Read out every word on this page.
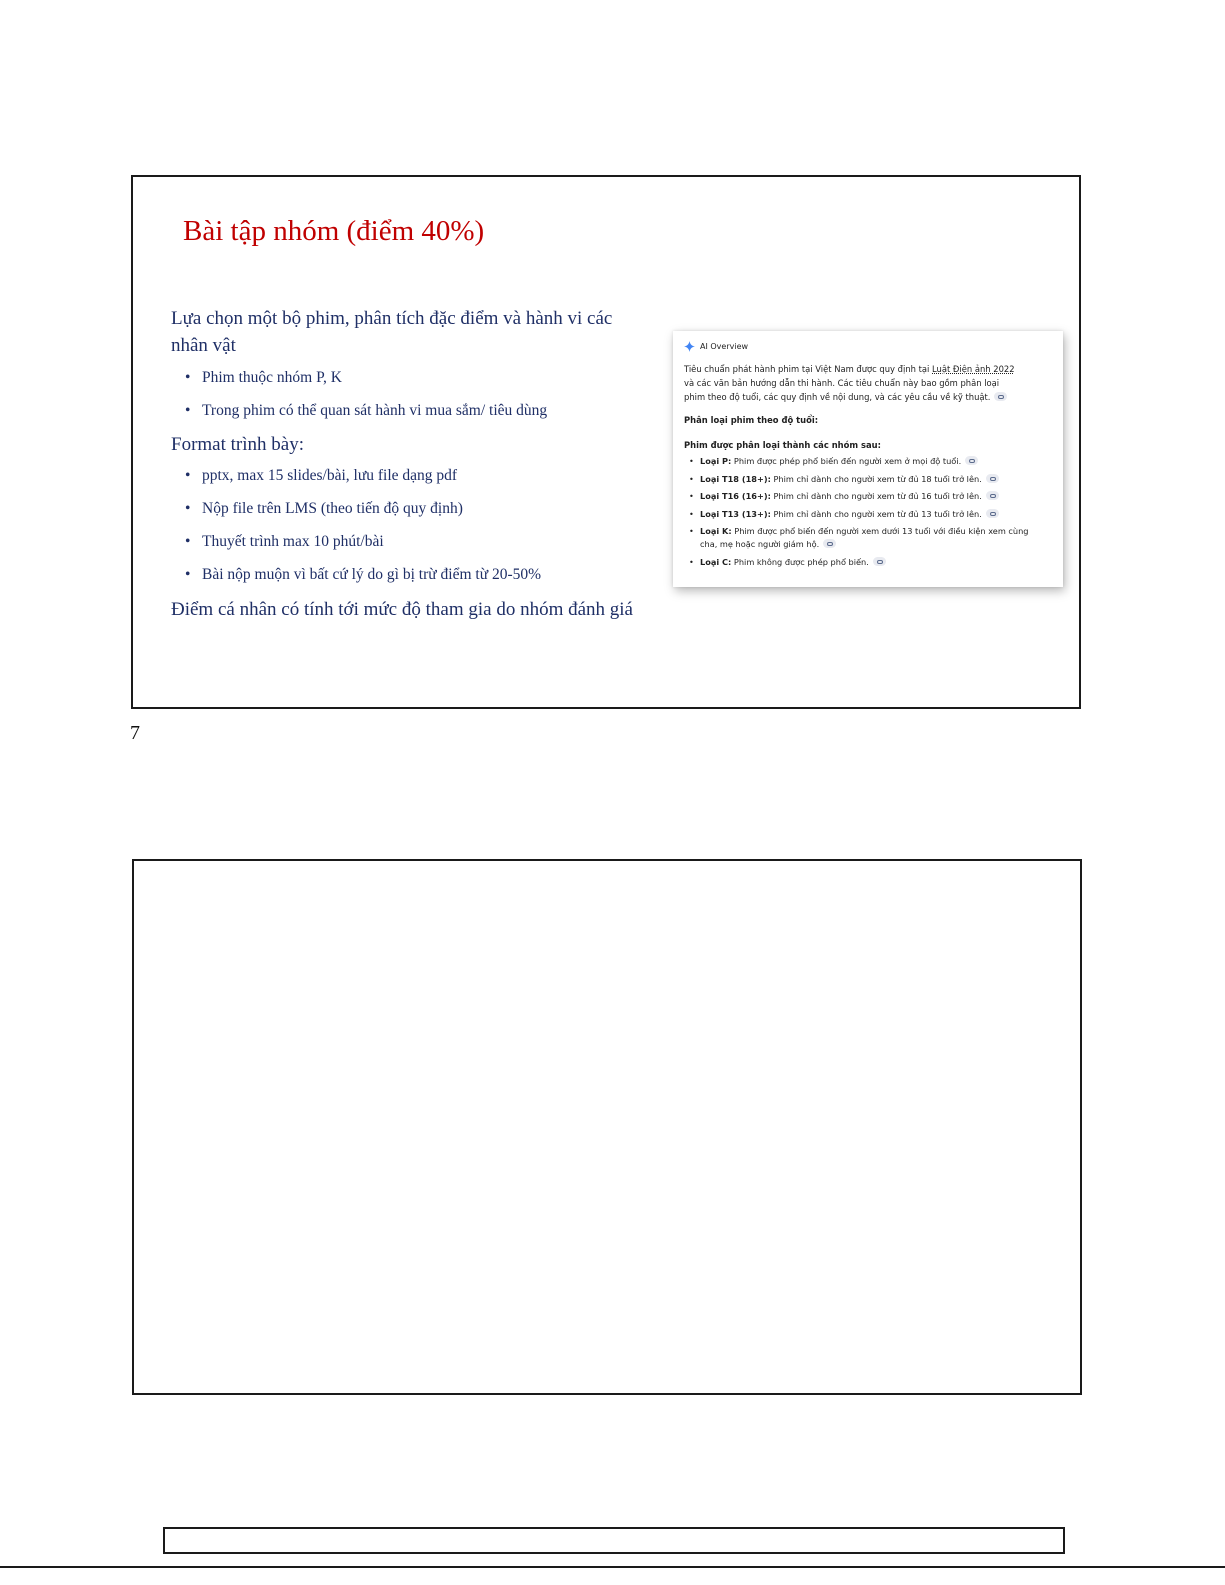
Bài tập nhóm (điểm 40%)

Lựa chọn một bộ phim, phân tích đặc điểm và hành vi các
nhân vật

• Phim thuộc nhóm P, K
• Trong phim có thể quan sát hành vi mua sắm/ tiêu dùng

Format trình bày:

• pptx, max 15 slides/bài, lưu file dạng pdf
• Nộp file trên LMS (theo tiến độ quy định)
• Thuyết trình max 10 phút/bài
• Bài nộp muộn vì bất cứ lý do gì bị trừ điểm từ 20-50%

Điểm cá nhân có tính tới mức độ tham gia do nhóm đánh giá

AI Overview

Tiêu chuẩn phát hành phim tại Việt Nam được quy định tại Luật Điện ảnh 2022
và các văn bản hướng dẫn thi hành. Các tiêu chuẩn này bao gồm phân loại
phim theo độ tuổi, các quy định về nội dung, và các yêu cầu về kỹ thuật.

Phân loại phim theo độ tuổi:

Phim được phân loại thành các nhóm sau:

• Loại P: Phim được phép phổ biến đến người xem ở mọi độ tuổi.
• Loại T18 (18+): Phim chỉ dành cho người xem từ đủ 18 tuổi trở lên.
• Loại T16 (16+): Phim chỉ dành cho người xem từ đủ 16 tuổi trở lên.
• Loại T13 (13+): Phim chỉ dành cho người xem từ đủ 13 tuổi trở lên.
• Loại K: Phim được phổ biến đến người xem dưới 13 tuổi với điều kiện xem cùng
cha, mẹ hoặc người giám hộ.
• Loại C: Phim không được phép phổ biến.
7
